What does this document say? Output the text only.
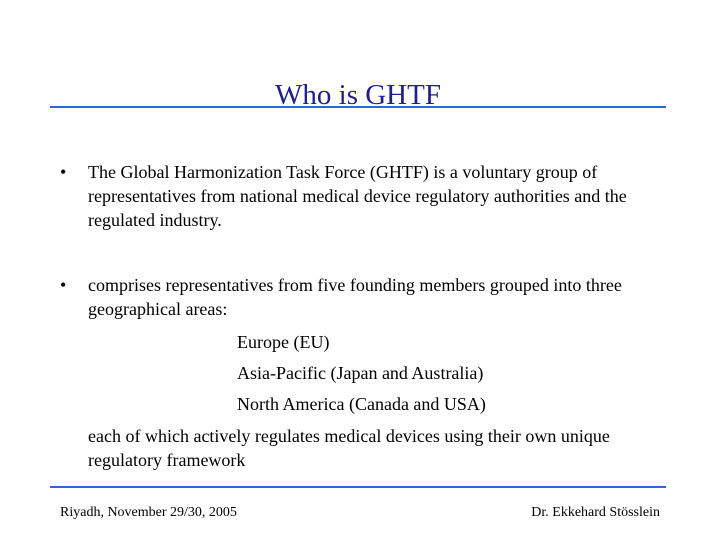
Who is GHTF
•	The Global Harmonization Task Force (GHTF) is a voluntary group of representatives from national medical device regulatory authorities and the regulated industry.
•	comprises representatives from five founding members grouped into three geographical areas:
Europe (EU)
Asia-Pacific (Japan and Australia)
North America (Canada and USA)
each of which actively regulates medical devices using their own unique regulatory framework
Riyadh, November 29/30, 2005	Dr. Ekkehard Stösslein
